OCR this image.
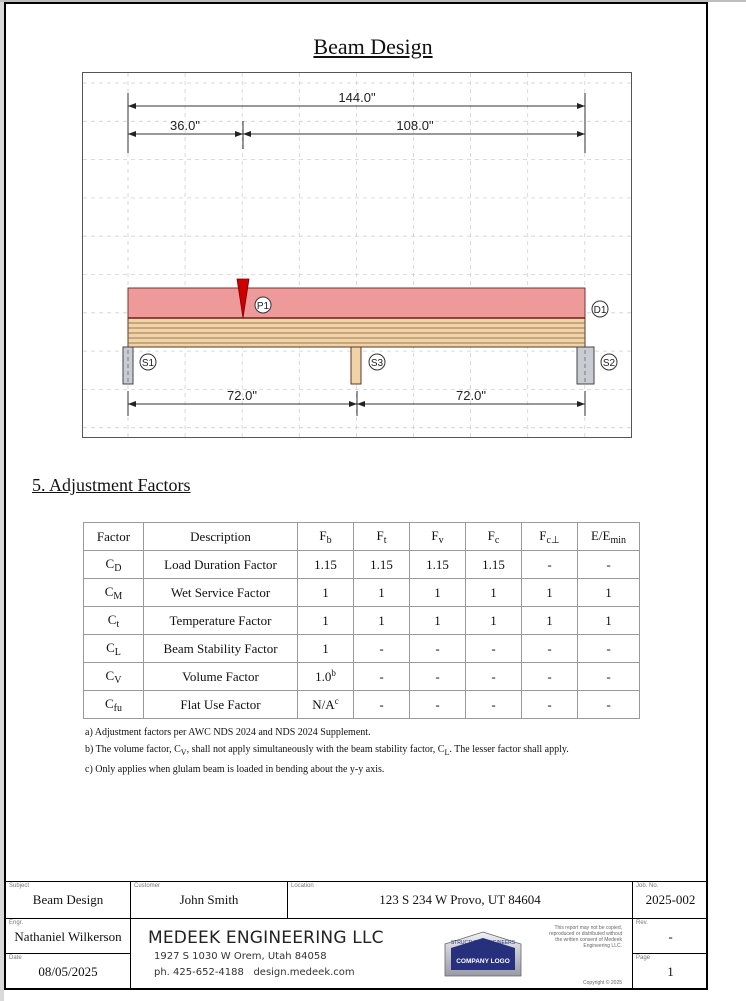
Beam Design
144.0"
36.0"	108.0"
P1	D1
S1	S3	S2
72.0"	72.0"
5. Adjustment Factors
Factor	Description	$F_b$	$F_t$	$F_v$	$F_c$	$F_{c\perp}$	$E/E_{min}$
$C_D$	Load Duration Factor	1.15	1.15	1.15	1.15	-	-
$C_M$	Wet Service Factor	1	1	1	1	1	1
$C_t$	Temperature Factor	1	1	1	1	1	1
$C_L$	Beam Stability Factor	1	-	-	-	-	-
$C_V$	Volume Factor	1.0$^b$	-	-	-	-	-
$C_{fu}$	Flat Use Factor	$N/A^c$	-	-	-	-	-
a) Adjustment factors per AWC NDS 2024 and NDS 2024 Supplement.
b) The volume factor, $C_V$, shall not apply simultaneously with the beam stability factor, $C_L$. The lesser factor shall apply.
c) Only applies when glulam beam is loaded in bending about the y-y axis.
Subject
Beam Design
Customer
John Smith
Location
123 S 234 W Provo, UT 84604
Job. No.
2025-002
Engr.
Nathaniel Wilkerson
Date
08/05/2025
Rev.
-
Page
1
MEDEEK ENGINEERING LLC
1927 S 1030 W Orem, Utah 84058
ph. 425-652-4188 design.medeek.com
STRUCTURAL ENGINEERS
COMPANY LOGO
This report may not be copied, reproduced or distributed without the written consent of Medeek Engineering LLC.
Copyright © 2025
